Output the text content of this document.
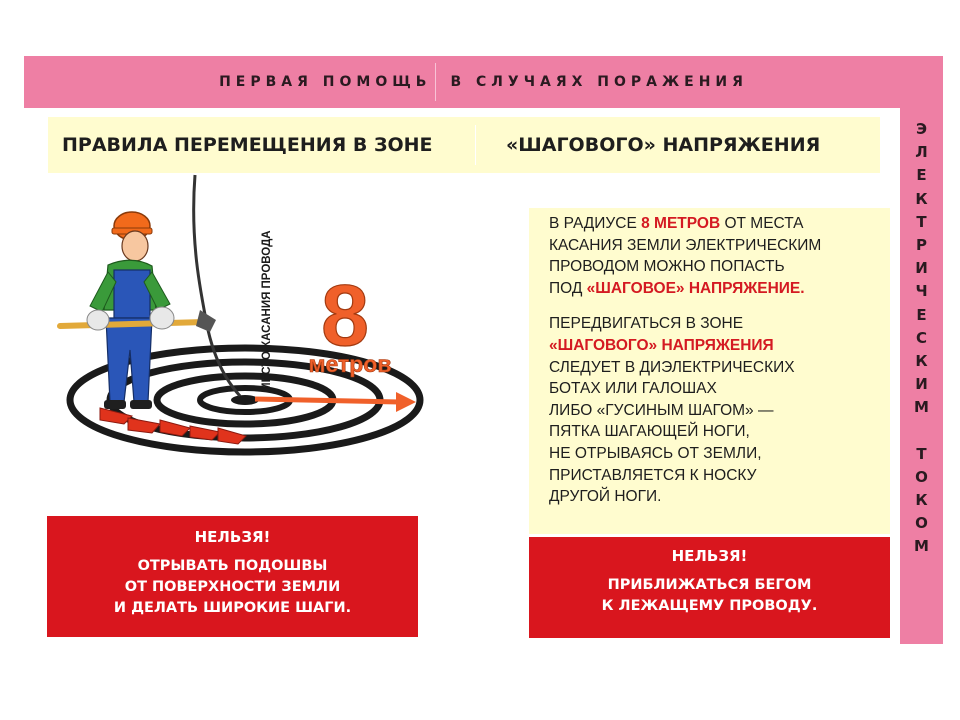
ПЕРВАЯ ПОМОЩЬ В СЛУЧАЯХ ПОРАЖЕНИЯ
Э
Л
Е
К
Т
Р
И
Ч
Е
С
К
И
М
Т
О
К
О
М
ПРАВИЛА ПЕРЕМЕЩЕНИЯ В ЗОНЕ	«ШАГОВОГО» НАПРЯЖЕНИЯ
8
метров
МЕСТО КАСАНИЯ ПРОВОДА

В РАДИУСЕ 8 МЕТРОВ ОТ МЕСТА
КАСАНИЯ ЗЕМЛИ ЭЛЕКТРИЧЕСКИМ
ПРОВОДОМ МОЖНО ПОПАСТЬ
ПОД «ШАГОВОЕ» НАПРЯЖЕНИЕ.

ПЕРЕДВИГАТЬСЯ В ЗОНЕ
«ШАГОВОГО» НАПРЯЖЕНИЯ
СЛЕДУЕТ В ДИЭЛЕКТРИЧЕСКИХ
БОТАХ ИЛИ ГАЛОШАХ
ЛИБО «ГУСИНЫМ ШАГОМ» —
ПЯТКА ШАГАЮЩЕЙ НОГИ,
НЕ ОТРЫВАЯСЬ ОТ ЗЕМЛИ,
ПРИСТАВЛЯЕТСЯ К НОСКУ
ДРУГОЙ НОГИ.

НЕЛЬЗЯ!
ОТРЫВАТЬ ПОДОШВЫ
ОТ ПОВЕРХНОСТИ ЗЕМЛИ
И ДЕЛАТЬ ШИРОКИЕ ШАГИ.
НЕЛЬЗЯ!
ПРИБЛИЖАТЬСЯ БЕГОМ
К ЛЕЖАЩЕМУ ПРОВОДУ.
